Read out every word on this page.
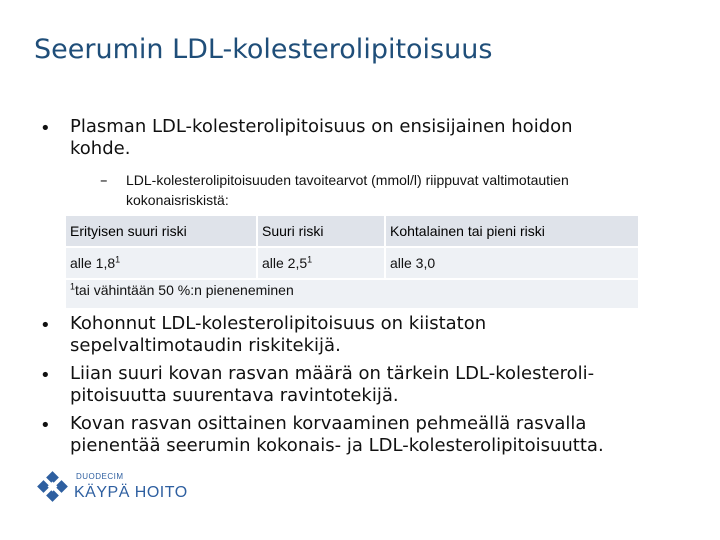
Seerumin LDL-kolesterolipitoisuus
• Plasman LDL-kolesterolipitoisuus on ensisijainen hoidon
kohde.
– LDL-kolesterolipitoisuuden tavoitearvot (mmol/l) riippuvat valtimotautien
kokonaisriskistä:
Erityisen suuri riski	Suuri riski	Kohtalainen tai pieni riski
alle $1,8^1$	alle $2,5^1$	alle 3,0
$^1$tai vähintään 50 %:n pieneneminen		
• Kohonnut LDL-kolesterolipitoisuus on kiistaton
sepelvaltimotaudin riskitekijä.
• Liian suuri kovan rasvan määrä on tärkein LDL-kolesteroli-
pitoisuutta suurentava ravintotekijä.
• Kovan rasvan osittainen korvaaminen pehmeällä rasvalla
pienentää seerumin kokonais- ja LDL-kolesterolipitoisuutta.
DUODECIM
KÄYPÄ HOITO
